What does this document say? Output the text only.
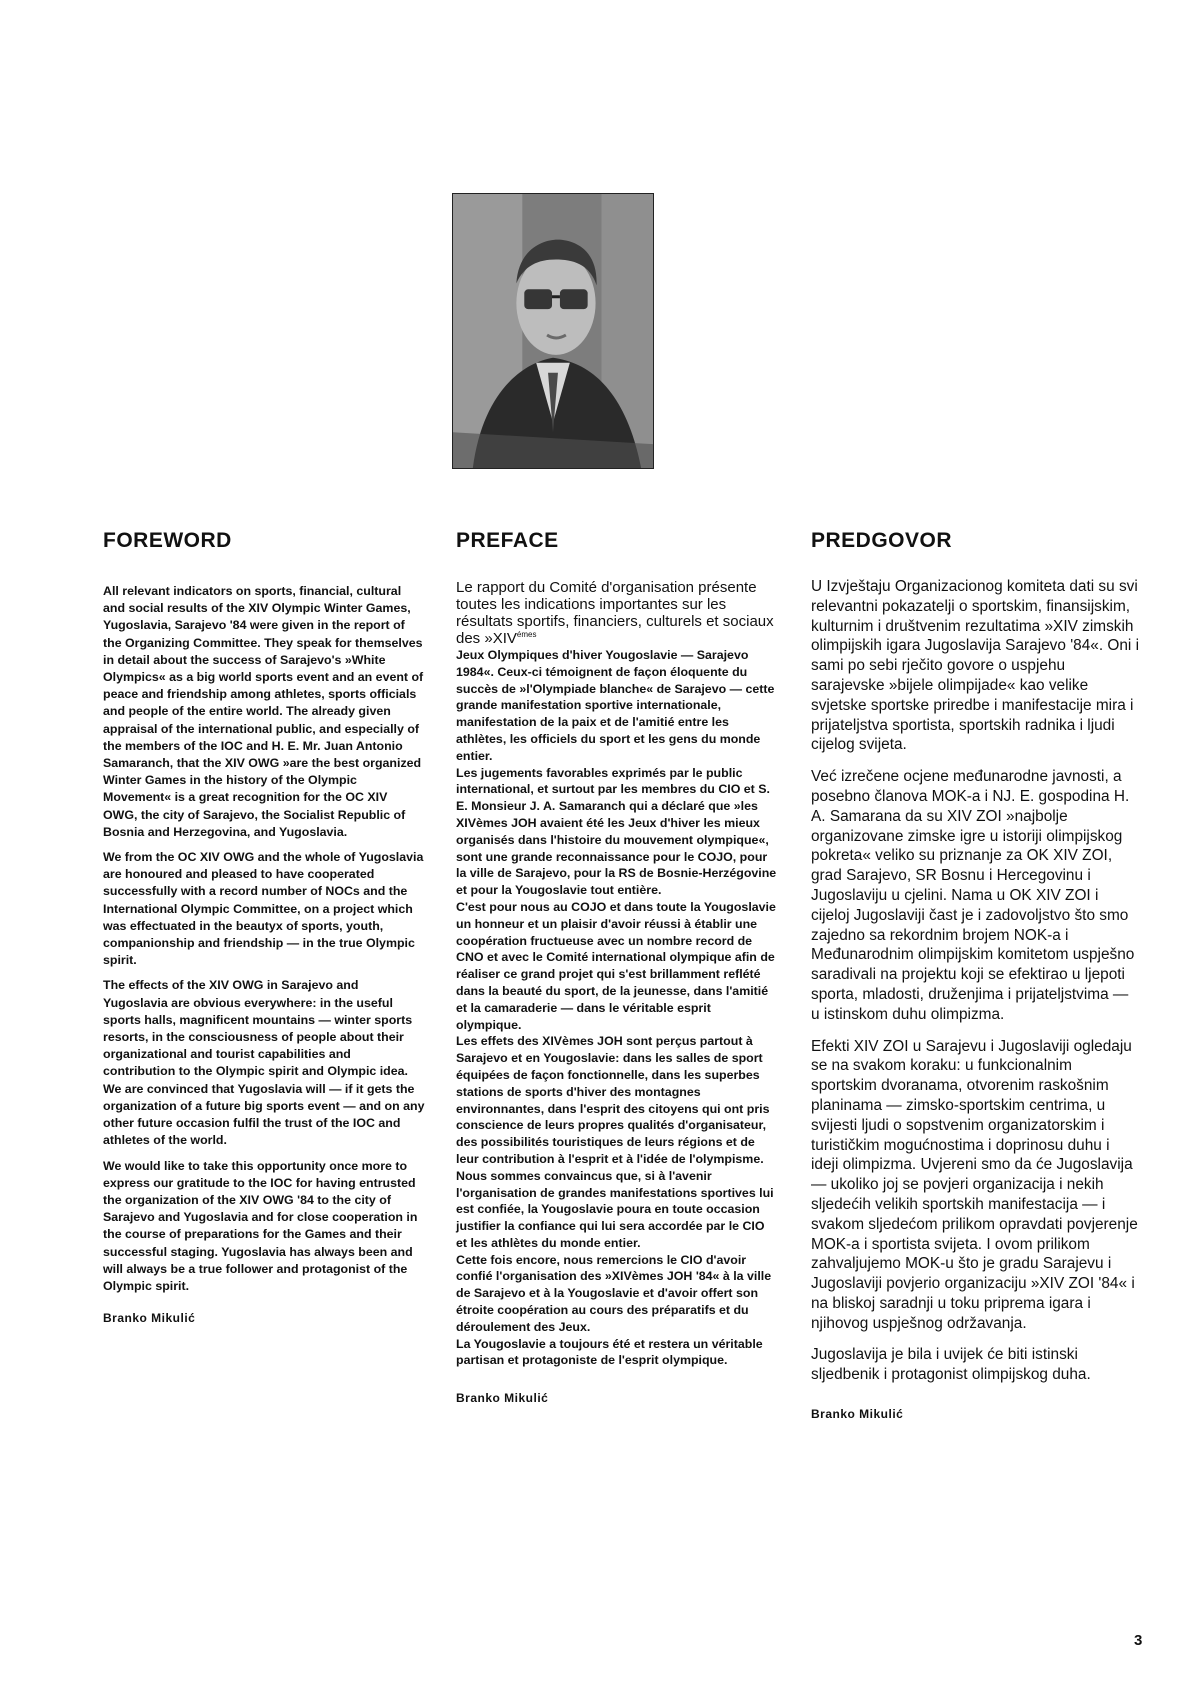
FOREWORD

All relevant indicators on sports, financial, cultural and social results of the XIV Olympic Winter Games, Yugoslavia, Sarajevo '84 were given in the report of the Organizing Committee. They speak for themselves in detail about the success of Sarajevo's »White Olympics« as a big world sports event and an event of peace and friendship among athletes, sports officials and people of the entire world. The already given appraisal of the international public, and especially of the members of the IOC and H. E. Mr. Juan Antonio Samaranch, that the XIV OWG »are the best organized Winter Games in the history of the Olympic Movement« is a great recognition for the OC XIV OWG, the city of Sarajevo, the Socialist Republic of Bosnia and Herzegovina, and Yugoslavia.

We from the OC XIV OWG and the whole of Yugoslavia are honoured and pleased to have cooperated successfully with a record number of NOCs and the International Olympic Committee, on a project which was effectuated in the beautyx of sports, youth, companionship and friendship — in the true Olympic spirit.

The effects of the XIV OWG in Sarajevo and Yugoslavia are obvious everywhere: in the useful sports halls, magnificent mountains — winter sports resorts, in the consciousness of people about their organizational and tourist capabilities and contribution to the Olympic spirit and Olympic idea. We are convinced that Yugoslavia will — if it gets the organization of a future big sports event — and on any other future occasion fulfil the trust of the IOC and athletes of the world.

We would like to take this opportunity once more to express our gratitude to the IOC for having entrusted the organization of the XIV OWG '84 to the city of Sarajevo and Yugoslavia and for close cooperation in the course of preparations for the Games and their successful staging. Yugoslavia has always been and will always be a true follower and protagonist of the Olympic spirit.

Branko Mikulić
PREFACE

Le rapport du Comité d'organisation présente toutes les indications importantes sur les résultats sportifs, financiers, culturels et sociaux des $»XIV^{émes}$

Jeux Olympiques d'hiver Yougoslavie — Sarajevo 1984«. Ceux-ci témoignent de façon éloquente du succès de »l'Olympiade blanche« de Sarajevo — cette grande manifestation sportive internationale, manifestation de la paix et de l'amitié entre les athlètes, les officiels du sport et les gens du monde entier.

Les jugements favorables exprimés par le public international, et surtout par les membres du CIO et S. E. Monsieur J. A. Samaranch qui a déclaré que »les XIVèmes JOH avaient été les Jeux d'hiver les mieux organisés dans l'histoire du mouvement olympique«, sont une grande reconnaissance pour le COJO, pour la ville de Sarajevo, pour la RS de Bosnie-Herzégovine et pour la Yougoslavie tout entière.

C'est pour nous au COJO et dans toute la Yougoslavie un honneur et un plaisir d'avoir réussi à établir une coopération fructueuse avec un nombre record de CNO et avec le Comité international olympique afin de réaliser ce grand projet qui s'est brillamment reflété dans la beauté du sport, de la jeunesse, dans l'amitié et la camaraderie — dans le véritable esprit olympique.

Les effets des XIVèmes JOH sont perçus partout à Sarajevo et en Yougoslavie: dans les salles de sport équipées de façon fonctionnelle, dans les superbes stations de sports d'hiver des montagnes environnantes, dans l'esprit des citoyens qui ont pris conscience de leurs propres qualités d'organisateur, des possibilités touristiques de leurs régions et de leur contribution à l'esprit et à l'idée de l'olympisme. Nous sommes convaincus que, si à l'avenir l'organisation de grandes manifestations sportives lui est confiée, la Yougoslavie poura en toute occasion justifier la confiance qui lui sera accordée par le CIO et les athlètes du monde entier.

Cette fois encore, nous remercions le CIO d'avoir confié l'organisation des »XIVèmes JOH '84« à la ville de Sarajevo et à la Yougoslavie et d'avoir offert son étroite coopération au cours des préparatifs et du déroulement des Jeux.

La Yougoslavie a toujours été et restera un véritable partisan et protagoniste de l'esprit olympique.

Branko Mikulić
PREDGOVOR

U Izvještaju Organizacionog komiteta dati su svi relevantni pokazatelji o sportskim, finansijskim, kulturnim i društvenim rezultatima »XIV zimskih olimpijskih igara Jugoslavija Sarajevo '84«. Oni i sami po sebi rječito govore o uspjehu sarajevske »bijele olimpijade« kao velike svjetske sportske priredbe i manifestacije mira i prijateljstva sportista, sportskih radnika i ljudi cijelog svijeta.

Već izrečene ocjene međunarodne javnosti, a posebno članova MOK-a i NJ. E. gospodina H. A. Samarana da su XIV ZOI »najbolje organizovane zimske igre u istoriji olimpijskog pokreta« veliko su priznanje za OK XIV ZOI, grad Sarajevo, SR Bosnu i Hercegovinu i Jugoslaviju u cjelini. Nama u OK XIV ZOI i cijeloj Jugoslaviji čast je i zadovoljstvo što smo zajedno sa rekordnim brojem NOK-a i Međunarodnim olimpijskim komitetom uspješno saradivali na projektu koji se efektirao u ljepoti sporta, mladosti, druženjima i prijateljstvima — u istinskom duhu olimpizma.

Efekti XIV ZOI u Sarajevu i Jugoslaviji ogledaju se na svakom koraku: u funkcionalnim sportskim dvoranama, otvorenim raskošnim planinama — zimsko-sportskim centrima, u svijesti ljudi o sopstvenim organizatorskim i turističkim mogućnostima i doprinosu duhu i ideji olimpizma. Uvjereni smo da će Jugoslavija — ukoliko joj se povjeri organizacija i nekih sljedećih velikih sportskih manifestacija — i svakom sljedećom prilikom opravdati povjerenje MOK-a i sportista svijeta. I ovom prilikom zahvaljujemo MOK-u što je gradu Sarajevu i Jugoslaviji povjerio organizaciju »XIV ZOI '84« i na bliskoj saradnji u toku priprema igara i njihovog uspješnog održavanja.

Jugoslavija je bila i uvijek će biti istinski sljedbenik i protagonist olimpijskog duha.

Branko Mikulić
3
